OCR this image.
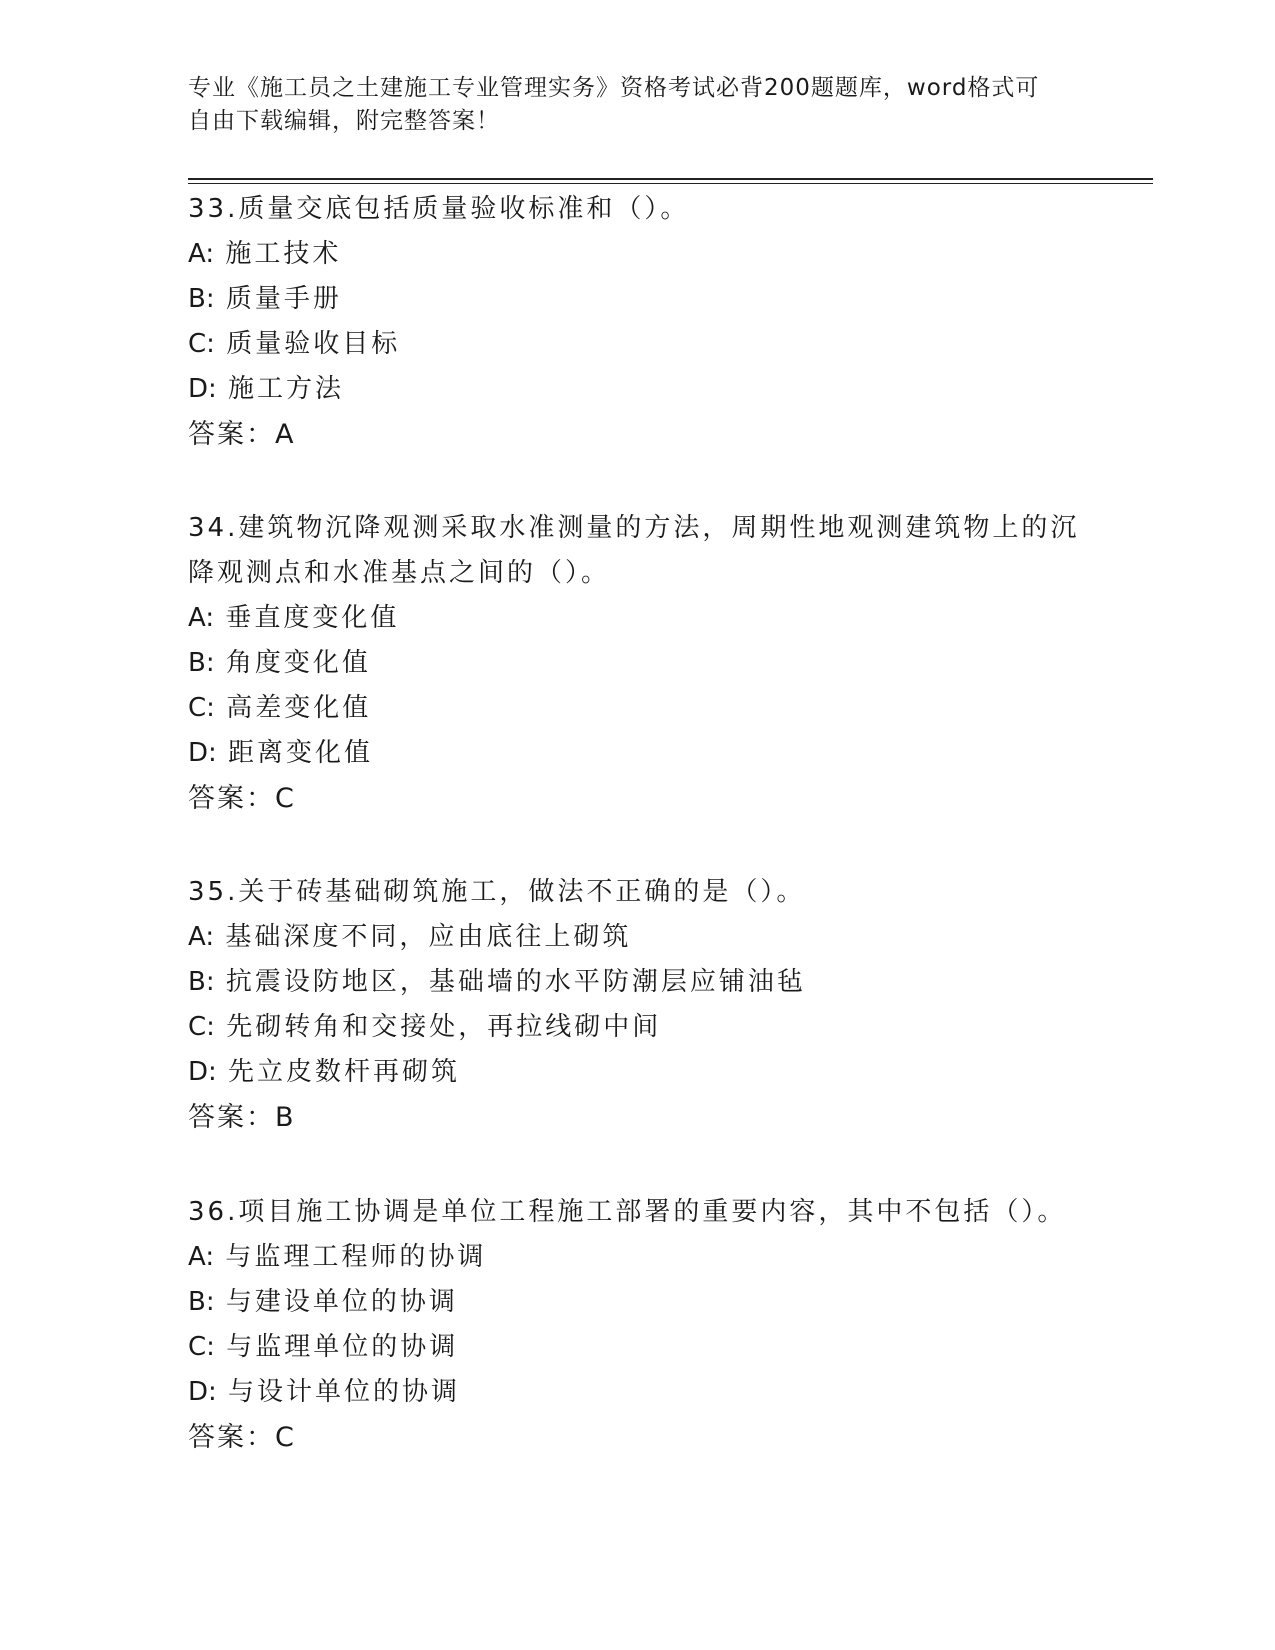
专业《施工员之土建施工专业管理实务》资格考试必背200题题库，word格式可
自由下载编辑，附完整答案！

33.质量交底包括质量验收标准和（）。

A: 施工技术

B: 质量手册

C: 质量验收目标

D: 施工方法

答案：A

34.建筑物沉降观测采取水准测量的方法，周期性地观测建筑物上的沉

降观测点和水准基点之间的（）。

A: 垂直度变化值

B: 角度变化值

C: 高差变化值

D: 距离变化值

答案：C

35.关于砖基础砌筑施工，做法不正确的是（）。

A: 基础深度不同，应由底往上砌筑

B: 抗震设防地区，基础墙的水平防潮层应铺油毡

C: 先砌转角和交接处，再拉线砌中间

D: 先立皮数杆再砌筑

答案：B

36.项目施工协调是单位工程施工部署的重要内容，其中不包括（）。

A: 与监理工程师的协调

B: 与建设单位的协调

C: 与监理单位的协调

D: 与设计单位的协调

答案：C
